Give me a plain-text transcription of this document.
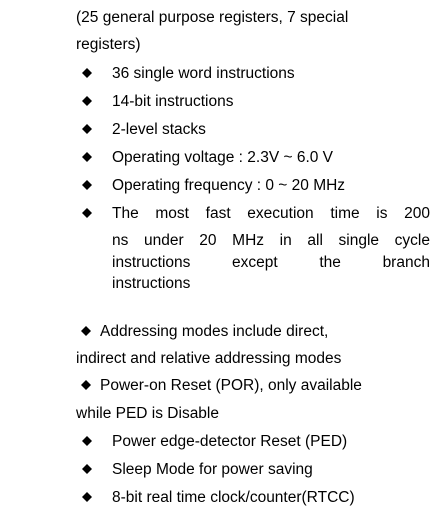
(25 general purpose registers, 7 special

registers)

36 single word instructions
14-bit instructions
2-level stacks
Operating voltage : 2.3V ~ 6.0 V
Operating frequency : 0 ~ 20 MHz
The most fast execution time is 200
ns under 20 MHz in all single cycle
instructions	except	the	branch
instructions

Addressing modes include direct,

indirect and relative addressing modes

Power-on Reset (POR), only available

while PED is Disable

Power edge-detector Reset (PED)
Sleep Mode for power saving
8-bit real time clock/counter(RTCC)
